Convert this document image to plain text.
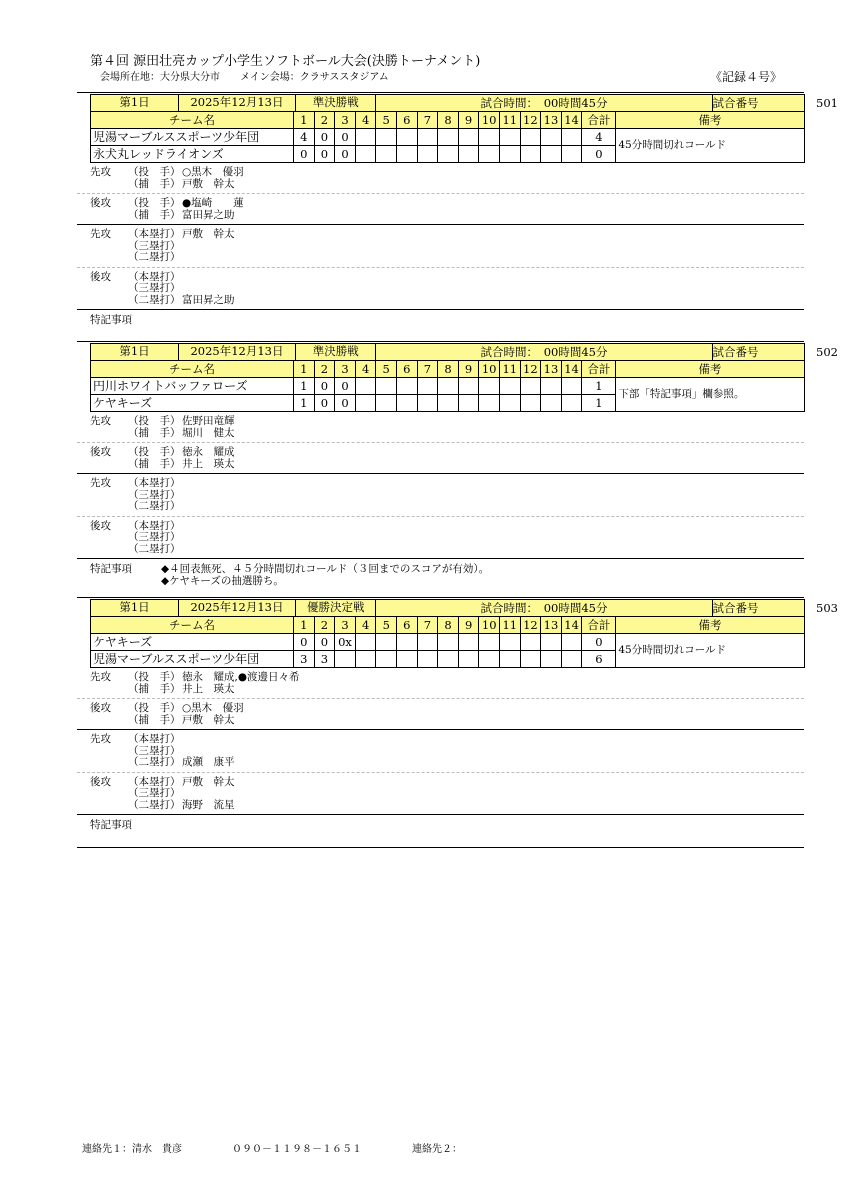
第４回 源田壮亮カップ小学生ソフトボール大会(決勝トーナメント)
会場所在地：大分県大分市　　メイン会場：クラサススタジアム	《記録４号》
第1日 2025年12月13日 準決勝戦					試合時間：　 00時間45分												試合番号　　　　　 501
チーム名	1	2	3	4	5	6	7	8	9	10	11	12	13	14	合計	備考	
児湯マーブルススポーツ少年団	4	0	0												4	45分時間切れコールド	
永犬丸レッドライオンズ	0	0	0												0		
先攻 （投　手） ○黒木　優羽
（捕　手） 戸敷　幹太
後攻 （投　手） ●塩崎　　蓮
（捕　手） 富田昇之助
先攻 （本塁打） 戸敷　幹太
（三塁打）
（二塁打）
後攻 （本塁打）
（三塁打）
（二塁打） 富田昇之助
特記事項
第1日 2025年12月13日 準決勝戦					試合時間：　 00時間45分												試合番号　　　　　 502
チーム名	1	2	3	4	5	6	7	8	9	10	11	12	13	14	合計	備考	
円川ホワイトバッファローズ	1	0	0												1	下部「特記事項」欄参照。	
ケヤキーズ	1	0	0												1		
先攻 （投　手） 佐野田竜輝
（捕　手） 堀川　健太
後攻 （投　手） 徳永　耀成
（捕　手） 井上　瑛太
先攻 （本塁打）
（三塁打）
（二塁打）
後攻 （本塁打）
（三塁打）
（二塁打）
特記事項	◆４回表無死、４５分時間切れコールド（３回までのスコアが有効）。
◆ケヤキーズの抽選勝ち。
第1日 2025年12月13日 優勝決定戦					試合時間：　 00時間45分												試合番号　　　　　 503
チーム名	1	2	3	4	5	6	7	8	9	10	11	12	13	14	合計	備考	
ケヤキーズ	0	0	0x												0	45分時間切れコールド	
児湯マーブルススポーツ少年団	3	3													6		
先攻 （投　手） 徳永　耀成,●渡邊日々希
（捕　手） 井上　瑛太
後攻 （投　手） ○黒木　優羽
（捕　手） 戸敷　幹太
先攻 （本塁打）
（三塁打）
（二塁打） 成瀬　康平
後攻 （本塁打） 戸敷　幹太
（三塁打）
（二塁打） 海野　流星
特記事項
連絡先１：清水　貴彦　　　　　	０９０－１１９８－１６５１　　　　　	連絡先２：
